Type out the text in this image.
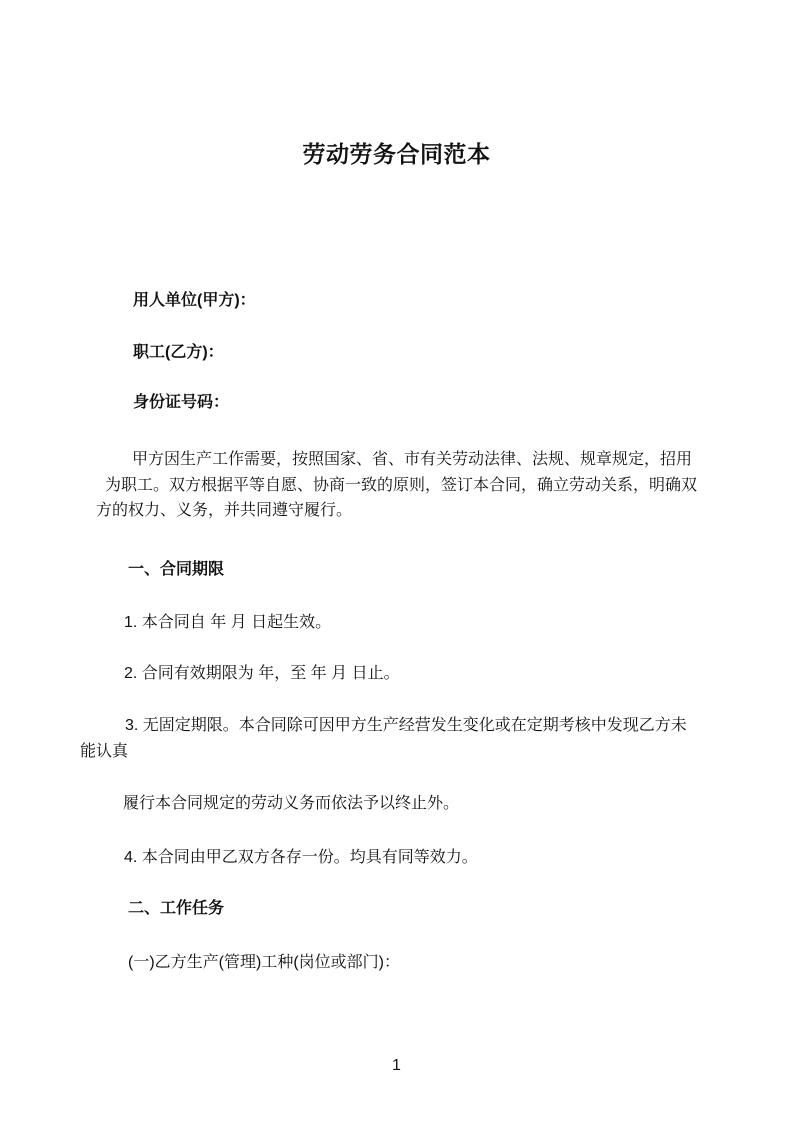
劳动劳务合同范本
用人单位(甲方)：
职工(乙方)：
身份证号码：
甲方因生产工作需要，按照国家、省、市有关劳动法律、法规、规章规定，招用
为职工。双方根据平等自愿、协商一致的原则，签订本合同，确立劳动关系，明确双
方的权力、义务，并共同遵守履行。
一、合同期限
1. 本合同自 年 月 日起生效。
2. 合同有效期限为 年，至 年 月 日止。
3. 无固定期限。本合同除可因甲方生产经营发生变化或在定期考核中发现乙方未
能认真
履行本合同规定的劳动义务而依法予以终止外。
4. 本合同由甲乙双方各存一份。均具有同等效力。
二、工作任务
(一)乙方生产(管理)工种(岗位或部门)：
1
